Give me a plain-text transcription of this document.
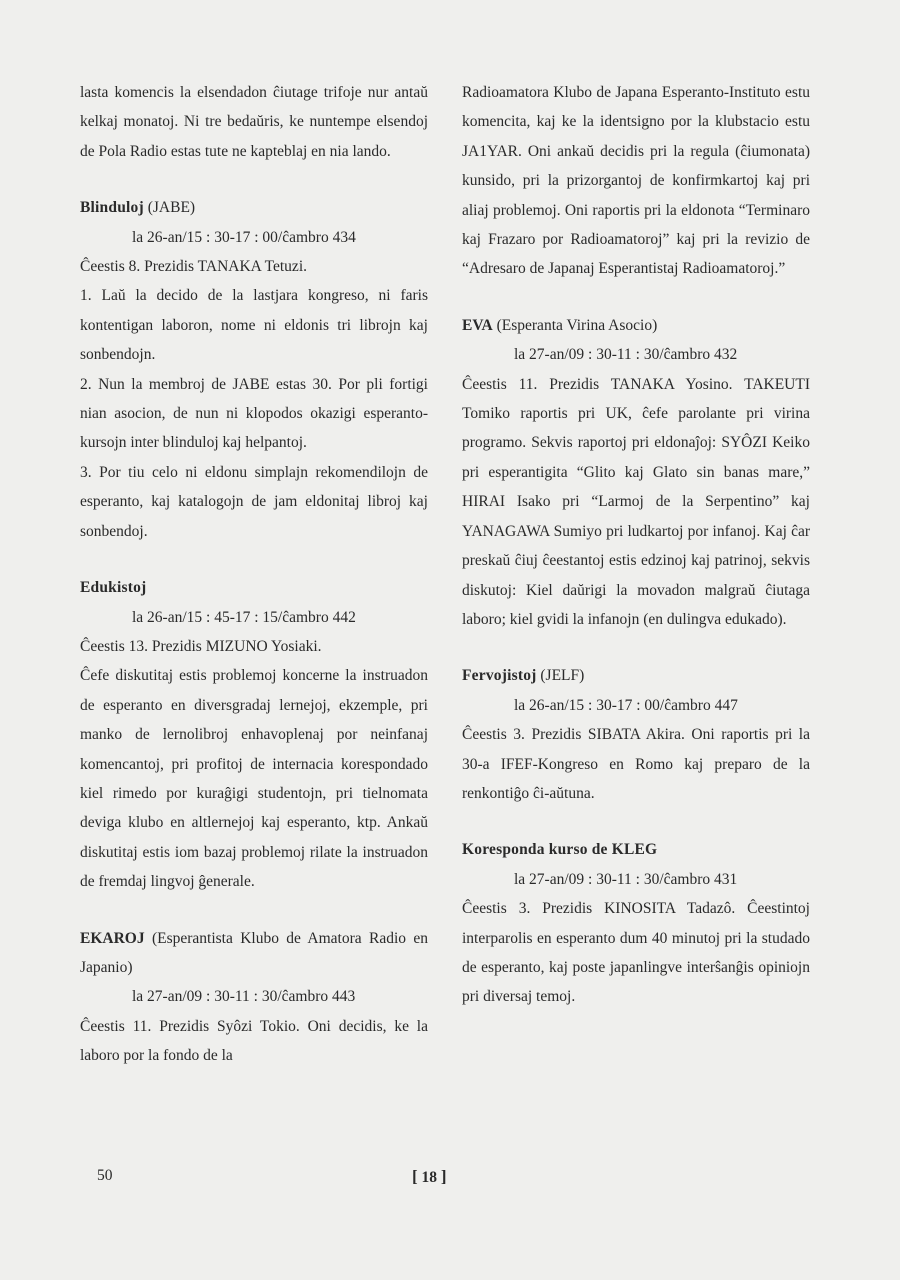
lasta komencis la elsendadon ĉiutage trifoje nur antaŭ kelkaj monatoj. Ni tre bedaŭris, ke nuntempe elsendoj de Pola Radio estas tute ne kapteblaj en nia lando.

Blinduloj (JABE)

la 26-an/15 : 30-17 : 00/ĉambro 434

Ĉeestis 8. Prezidis TANAKA Tetuzi.

1. Laŭ la decido de la lastjara kongreso, ni faris kontentigan laboron, nome ni eldonis tri librojn kaj sonbendojn.

2. Nun la membroj de JABE estas 30. Por pli fortigi nian asocion, de nun ni klopodos okazigi esperanto-kursojn inter blinduloj kaj helpantoj.

3. Por tiu celo ni eldonu simplajn rekomendilojn de esperanto, kaj katalogojn de jam eldonitaj libroj kaj sonbendoj.

Edukistoj

la 26-an/15 : 45-17 : 15/ĉambro 442

Ĉeestis 13. Prezidis MIZUNO Yosiaki.

Ĉefe diskutitaj estis problemoj koncerne la instruadon de esperanto en diversgradaj lernejoj, ekzemple, pri manko de lernolibroj enhavoplenaj por neinfanaj komencantoj, pri profitoj de internacia korespondado kiel rimedo por kuraĝigi studentojn, pri tielnomata deviga klubo en altlernejoj kaj esperanto, ktp. Ankaŭ diskutitaj estis iom bazaj problemoj rilate la instruadon de fremdaj lingvoj ĝenerale.

EKAROJ (Esperantista Klubo de Amatora Radio en Japanio)

la 27-an/09 : 30-11 : 30/ĉambro 443

Ĉeestis 11. Prezidis Syôzi Tokio. Oni decidis, ke la laboro por la fondo de la

Radioamatora Klubo de Japana Esperanto-Instituto estu komencita, kaj ke la identsigno por la klubstacio estu JA1YAR. Oni ankaŭ decidis pri la regula (ĉiumonata) kunsido, pri la prizorgantoj de konfirmkartoj kaj pri aliaj problemoj. Oni raportis pri la eldonota “Terminaro kaj Frazaro por Radioamatoroj” kaj pri la revizio de “Adresaro de Japanaj Esperantistaj Radioamatoroj.”

EVA (Esperanta Virina Asocio)

la 27-an/09 : 30-11 : 30/ĉambro 432

Ĉeestis 11. Prezidis TANAKA Yosino. TAKEUTI Tomiko raportis pri UK, ĉefe parolante pri virina programo. Sekvis raportoj pri eldonaĵoj: SYÔZI Keiko pri esperantigita “Glito kaj Glato sin banas mare,” HIRAI Isako pri “Larmoj de la Serpentino” kaj YANAGAWA Sumiyo pri ludkartoj por infanoj. Kaj ĉar preskaŭ ĉiuj ĉeestantoj estis edzinoj kaj patrinoj, sekvis diskutoj: Kiel daŭrigi la movadon malgraŭ ĉiutaga laboro; kiel gvidi la infanojn (en dulingva edukado).

Fervojistoj (JELF)

la 26-an/15 : 30-17 : 00/ĉambro 447

Ĉeestis 3. Prezidis SIBATA Akira. Oni raportis pri la 30-a IFEF-Kongreso en Romo kaj preparo de la renkontiĝo ĉi-aŭtuna.

Koresponda kurso de KLEG

la 27-an/09 : 30-11 : 30/ĉambro 431

Ĉeestis 3. Prezidis KINOSITA Tadazô. Ĉeestintoj interparolis en esperanto dum 40 minutoj pri la studado de esperanto, kaj poste japanlingve interŝanĝis opiniojn pri diversaj temoj.

50	[ 18 ]
